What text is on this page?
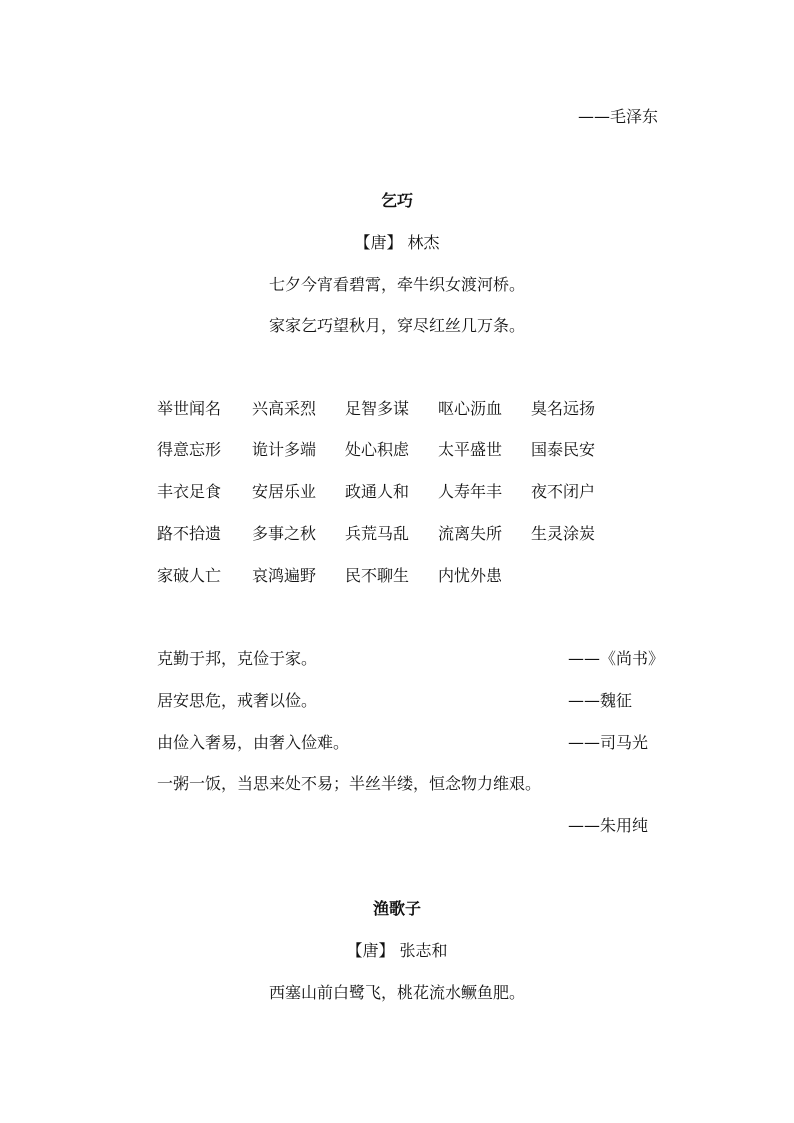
——毛泽东
乞巧
【唐】 林杰
七夕今宵看碧霄，牵牛织女渡河桥。
家家乞巧望秋月，穿尽红丝几万条。
举世闻名 兴高采烈 足智多谋 呕心沥血 臭名远扬
得意忘形 诡计多端 处心积虑 太平盛世 国泰民安
丰衣足食 安居乐业 政通人和 人寿年丰 夜不闭户
路不拾遗 多事之秋 兵荒马乱 流离失所 生灵涂炭
家破人亡 哀鸿遍野 民不聊生 内忧外患
克勤于邦，克俭于家。	——《尚书》
居安思危，戒奢以俭。	——魏征
由俭入奢易，由奢入俭难。	——司马光
一粥一饭，当思来处不易；半丝半缕，恒念物力维艰。
——朱用纯
渔歌子
【唐】 张志和
西塞山前白鹭飞，桃花流水鳜鱼肥。
